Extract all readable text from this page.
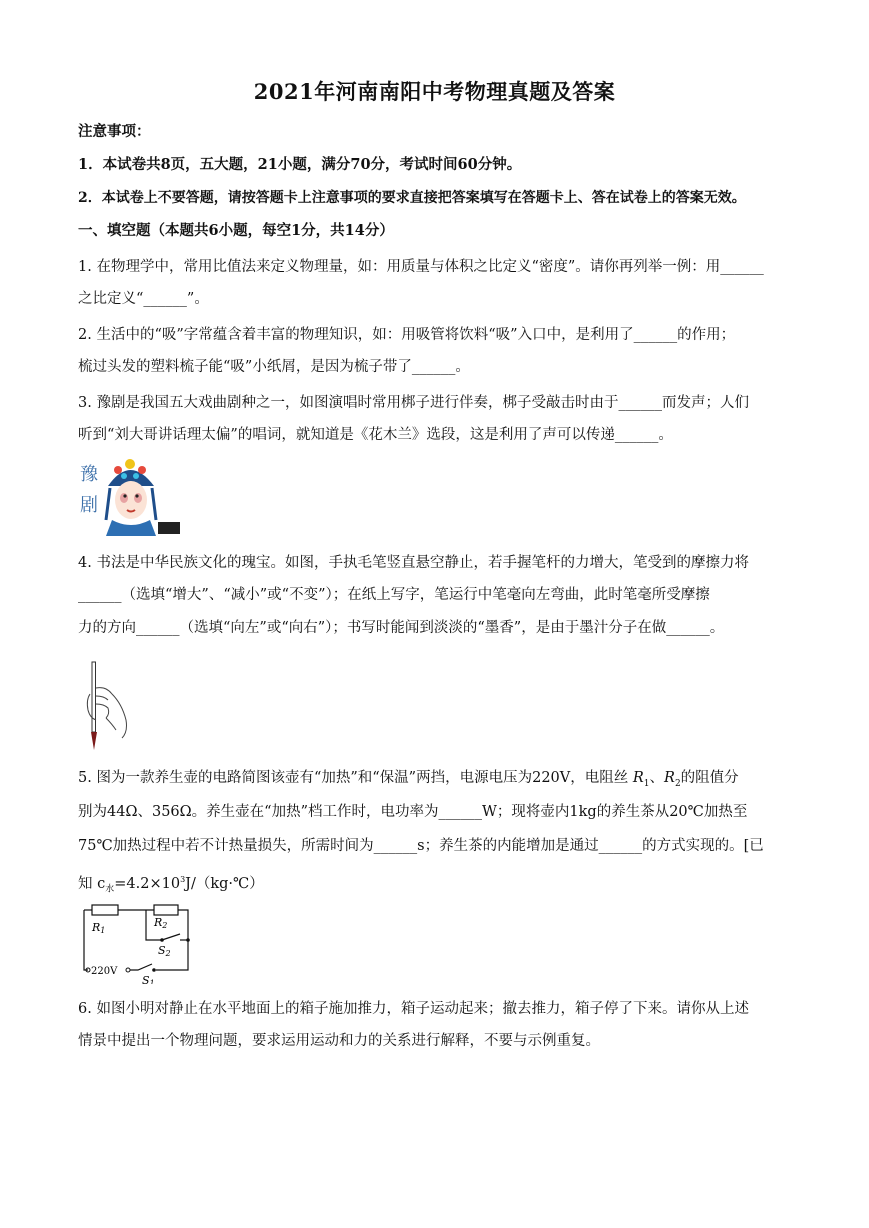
2021年河南南阳中考物理真题及答案
注意事项：
1．本试卷共8页，五大题，21小题，满分70分，考试时间60分钟。
2．本试卷上不要答题，请按答题卡上注意事项的要求直接把答案填写在答题卡上、答在试卷上的答案无效。
一、填空题（本题共6小题，每空1分，共14分）
1. 在物理学中，常用比值法来定义物理量，如：用质量与体积之比定义“密度”。请你再列举一例：用______
之比定义“______”。
2. 生活中的“吸”字常蕴含着丰富的物理知识，如：用吸管将饮料“吸”入口中，是利用了______的作用；
梳过头发的塑料梳子能“吸”小纸屑，是因为梳子带了______。
3. 豫剧是我国五大戏曲剧种之一，如图演唱时常用梆子进行伴奏，梆子受敲击时由于______而发声；人们
听到“刘大哥讲话理太偏”的唱词，就知道是《花木兰》选段，这是利用了声可以传递______。
豫
剧
4. 书法是中华民族文化的瑰宝。如图，手执毛笔竖直悬空静止，若手握笔杆的力增大，笔受到的摩擦力将
______（选填“增大”、“减小”或“不变”）；在纸上写字，笔运行中笔毫向左弯曲，此时笔毫所受摩擦
力的方向______（选填“向左”或“向右”）；书写时能闻到淡淡的“墨香”，是由于墨汁分子在做______。
5. 图为一款养生壶的电路简图该壶有“加热”和“保温”两挡，电源电压为220V，电阻丝 $R_1$、$R_2$的阻值分
别为44Ω、356Ω。养生壶在“加热”档工作时，电功率为______W；现将壶内1kg的养生茶从20℃加热至
75℃加热过程中若不计热量损失，所需时间为______s；养生茶的内能增加是通过______的方式实现的。[已
知 $c_水=4.2\times 10^3J/(kg\cdot℃)$
220V
R1
R2
S2
S1
6. 如图小明对静止在水平地面上的箱子施加推力，箱子运动起来；撤去推力，箱子停了下来。请你从上述
情景中提出一个物理问题，要求运用运动和力的关系进行解释，不要与示例重复。
